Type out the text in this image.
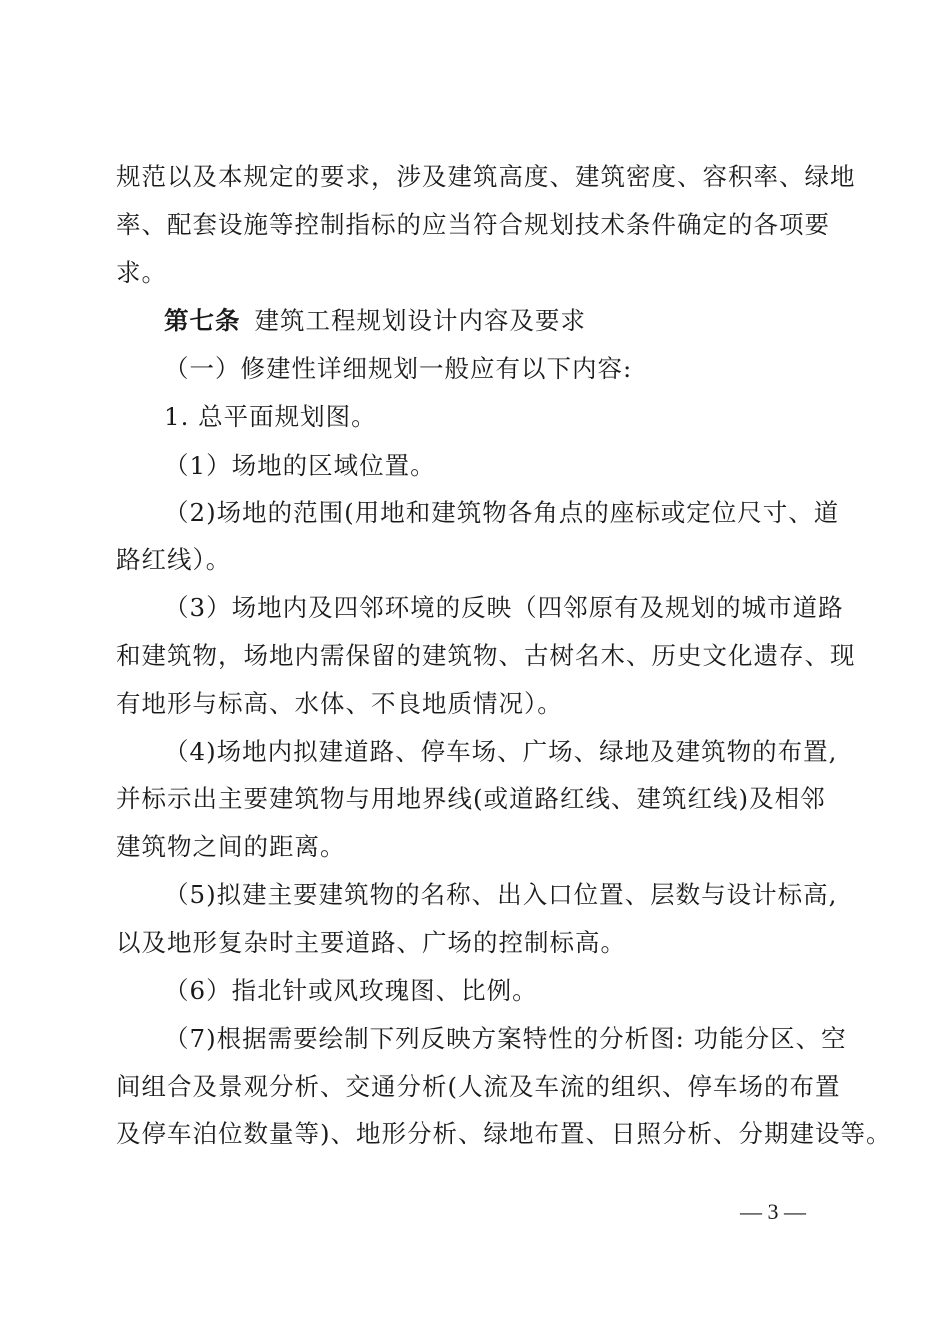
规范以及本规定的要求，涉及建筑高度、建筑密度、容积率、绿地
率、配套设施等控制指标的应当符合规划技术条件确定的各项要
求。
第七条 建筑工程规划设计内容及要求
（一）修建性详细规划一般应有以下内容:
1. 总平面规划图。
（1）场地的区域位置。
（2)场地的范围(用地和建筑物各角点的座标或定位尺寸、道
路红线）。
（3）场地内及四邻环境的反映（四邻原有及规划的城市道路
和建筑物，场地内需保留的建筑物、古树名木、历史文化遗存、现
有地形与标高、水体、不良地质情况）。
（4)场地内拟建道路、停车场、广场、绿地及建筑物的布置,
并标示出主要建筑物与用地界线(或道路红线、建筑红线)及相邻
建筑物之间的距离。
（5)拟建主要建筑物的名称、出入口位置、层数与设计标高,
以及地形复杂时主要道路、广场的控制标高。
（6）指北针或风玫瑰图、比例。
（7)根据需要绘制下列反映方案特性的分析图: 功能分区、空
间组合及景观分析、交通分析(人流及车流的组织、停车场的布置
及停车泊位数量等)、地形分析、绿地布置、日照分析、分期建设等。
— 3 —
